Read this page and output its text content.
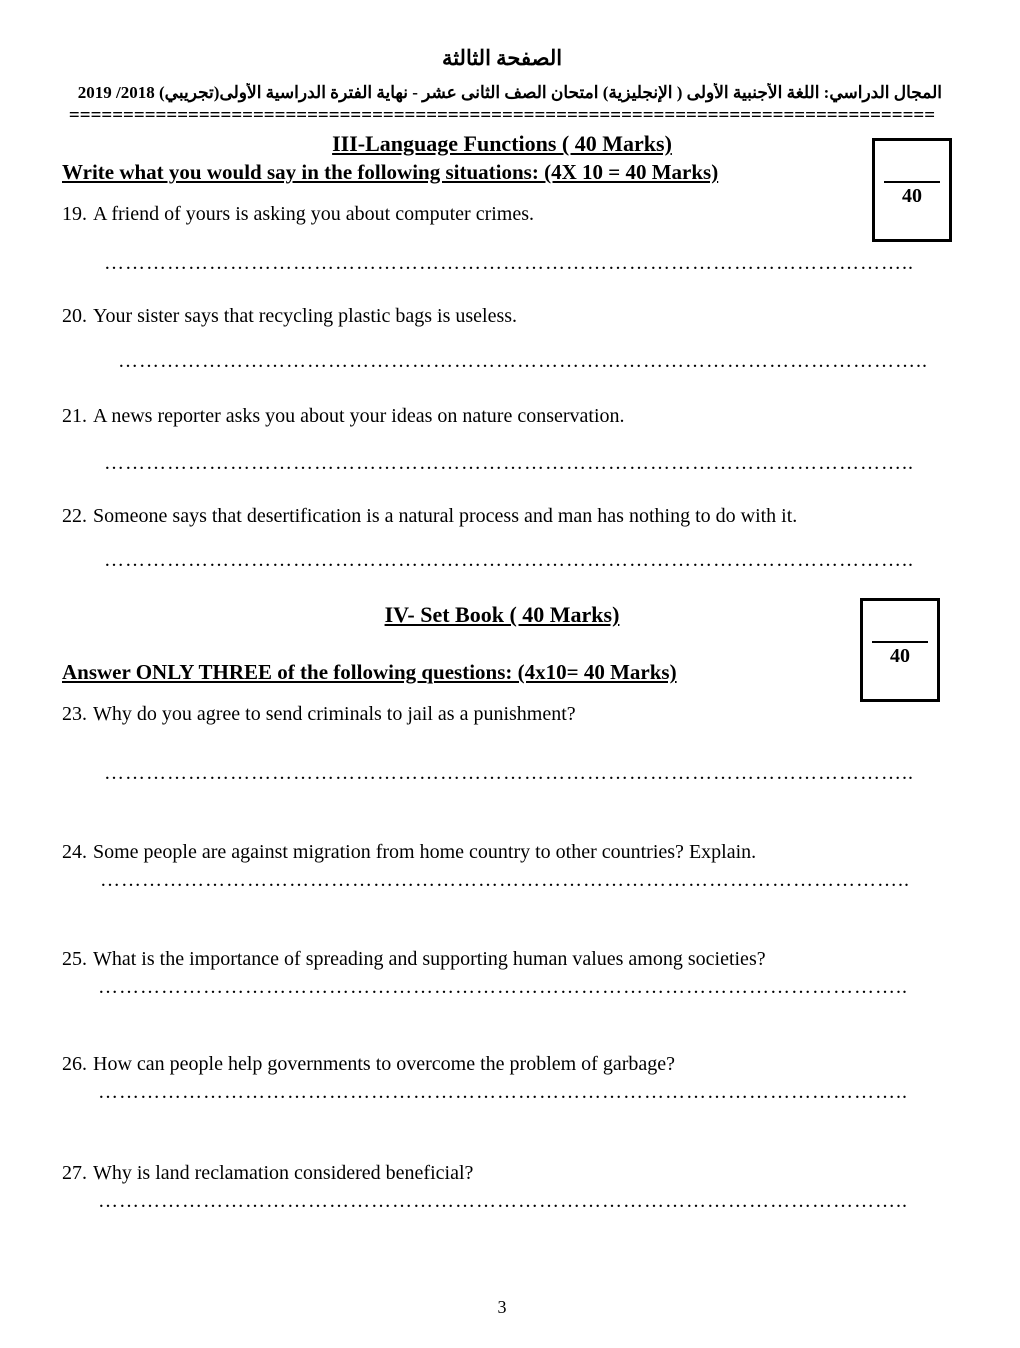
الصفحة الثالثة
المجال الدراسي: اللغة الأجنبية الأولى ( الإنجليزية) امتحان الصف الثانى عشر - نهاية الفترة الدراسية الأولى(تجريبي) 2018/ 2019
================================================================================
40
III-Language Functions ( 40 Marks)
Write what you would say in the following situations: (4X 10 = 40 Marks)
19. A friend of yours is asking you about computer crimes.
……………………………………………………………………………………………………..
20. Your sister says that recycling plastic bags is useless.
……………………………………………………………………………………………………..
21. A news reporter asks you about your ideas on nature conservation.
……………………………………………………………………………………………………..
22. Someone says that desertification is a natural process and man has nothing to do with it.
……………………………………………………………………………………………………..
40
IV- Set Book ( 40 Marks)
Answer ONLY THREE of the following questions: (4x10= 40 Marks)
23. Why do you agree to send criminals to jail as a punishment?
……………………………………………………………………………………………………..
24. Some people are against migration from home country to other countries? Explain.
……………………………………………………………………………………………………..
25. What is the importance of spreading and supporting human values among societies?
……………………………………………………………………………………………………..
26. How can people help governments to overcome the problem of garbage?
……………………………………………………………………………………………………..
27. Why is land reclamation considered beneficial?
……………………………………………………………………………………………………..
3
